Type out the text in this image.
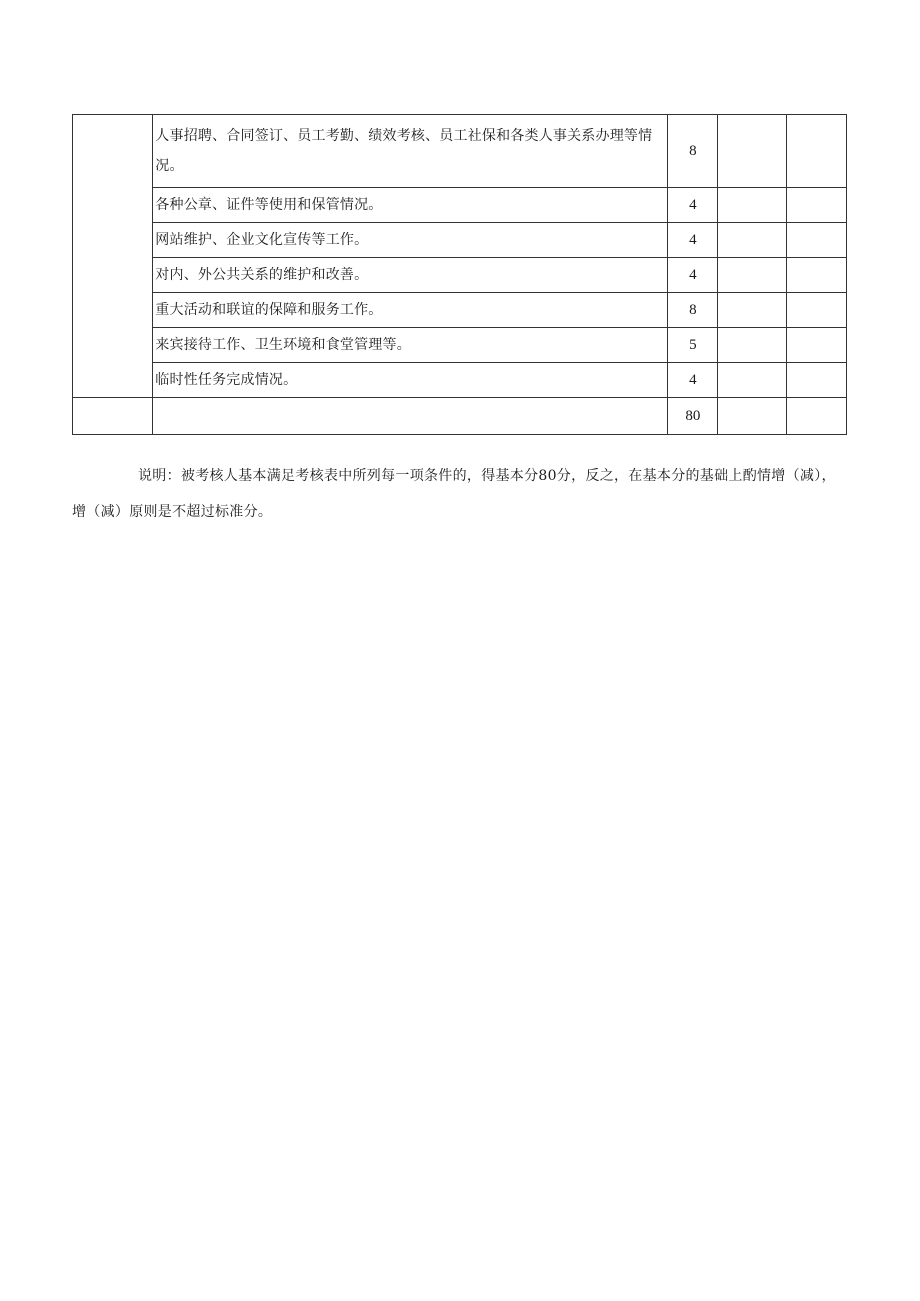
	人事招聘、合同签订、员工考勤、绩效考核、员工社保和各类人事关系办理等情况。	8		
	各种公章、证件等使用和保管情况。	4		
	网站维护、企业文化宣传等工作。	4		
	对内、外公共关系的维护和改善。	4		
	重大活动和联谊的保障和服务工作。	8		
	来宾接待工作、卫生环境和食堂管理等。	5		
	临时性任务完成情况。	4		
		80		

说明：被考核人基本满足考核表中所列每一项条件的，得基本分80分，反之，在基本分的基础上酌情增（减），增（减）原则是不超过标准分。
